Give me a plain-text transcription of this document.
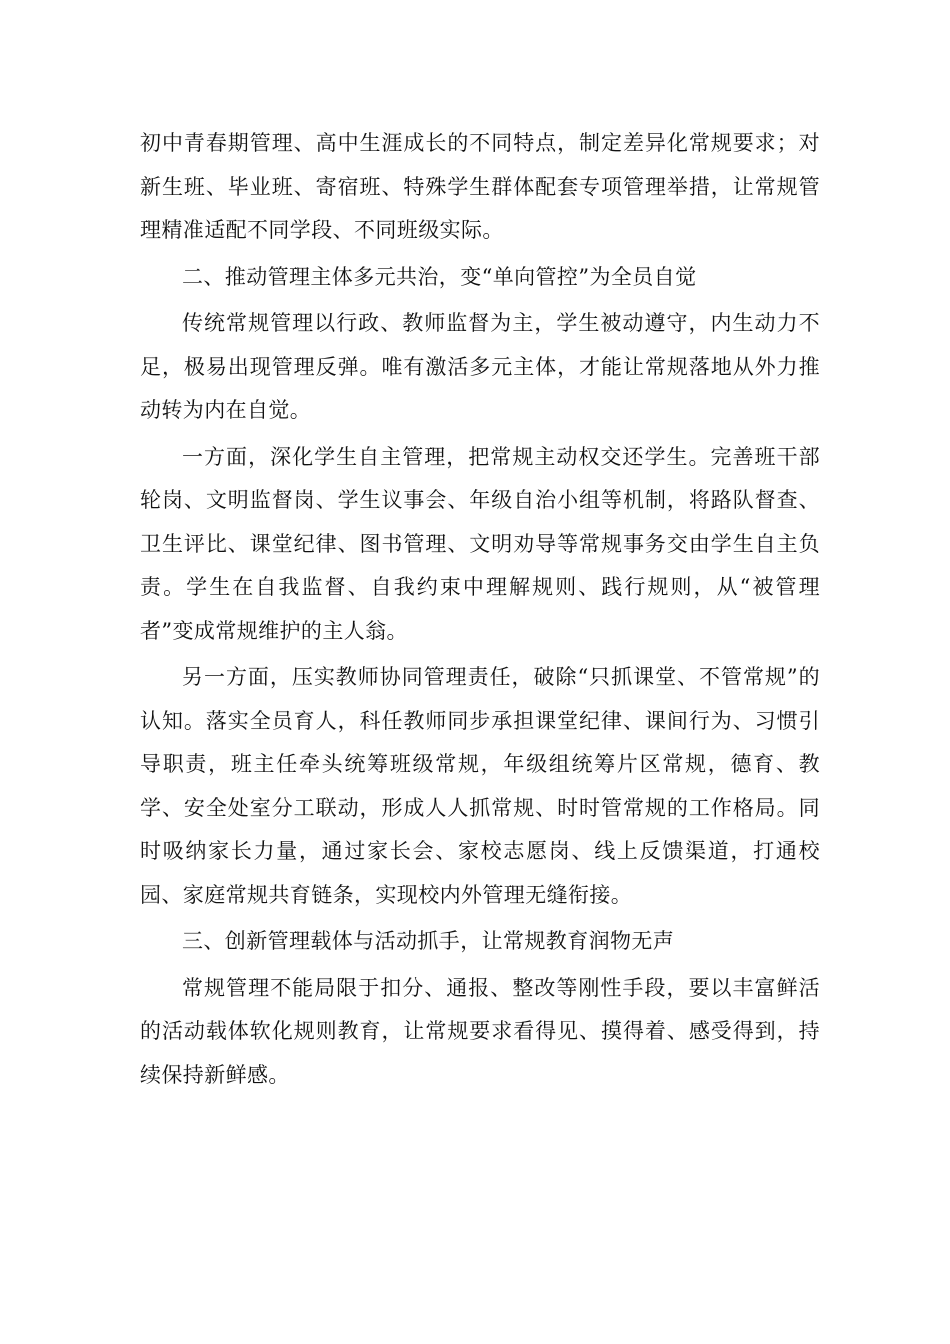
初中青春期管理、高中生涯成长的不同特点，制定差异化常规要求；对新生班、毕业班、寄宿班、特殊学生群体配套专项管理举措，让常规管理精准适配不同学段、不同班级实际。

二、推动管理主体多元共治，变“单向管控”为全员自觉

传统常规管理以行政、教师监督为主，学生被动遵守，内生动力不足，极易出现管理反弹。唯有激活多元主体，才能让常规落地从外力推动转为内在自觉。

一方面，深化学生自主管理，把常规主动权交还学生。完善班干部轮岗、文明监督岗、学生议事会、年级自治小组等机制，将路队督查、卫生评比、课堂纪律、图书管理、文明劝导等常规事务交由学生自主负责。学生在自我监督、自我约束中理解规则、践行规则，从“被管理者”变成常规维护的主人翁。

另一方面，压实教师协同管理责任，破除“只抓课堂、不管常规”的认知。落实全员育人，科任教师同步承担课堂纪律、课间行为、习惯引导职责，班主任牵头统筹班级常规，年级组统筹片区常规，德育、教学、安全处室分工联动，形成人人抓常规、时时管常规的工作格局。同时吸纳家长力量，通过家长会、家校志愿岗、线上反馈渠道，打通校园、家庭常规共育链条，实现校内外管理无缝衔接。

三、创新管理载体与活动抓手，让常规教育润物无声

常规管理不能局限于扣分、通报、整改等刚性手段，要以丰富鲜活的活动载体软化规则教育，让常规要求看得见、摸得着、感受得到，持续保持新鲜感。
